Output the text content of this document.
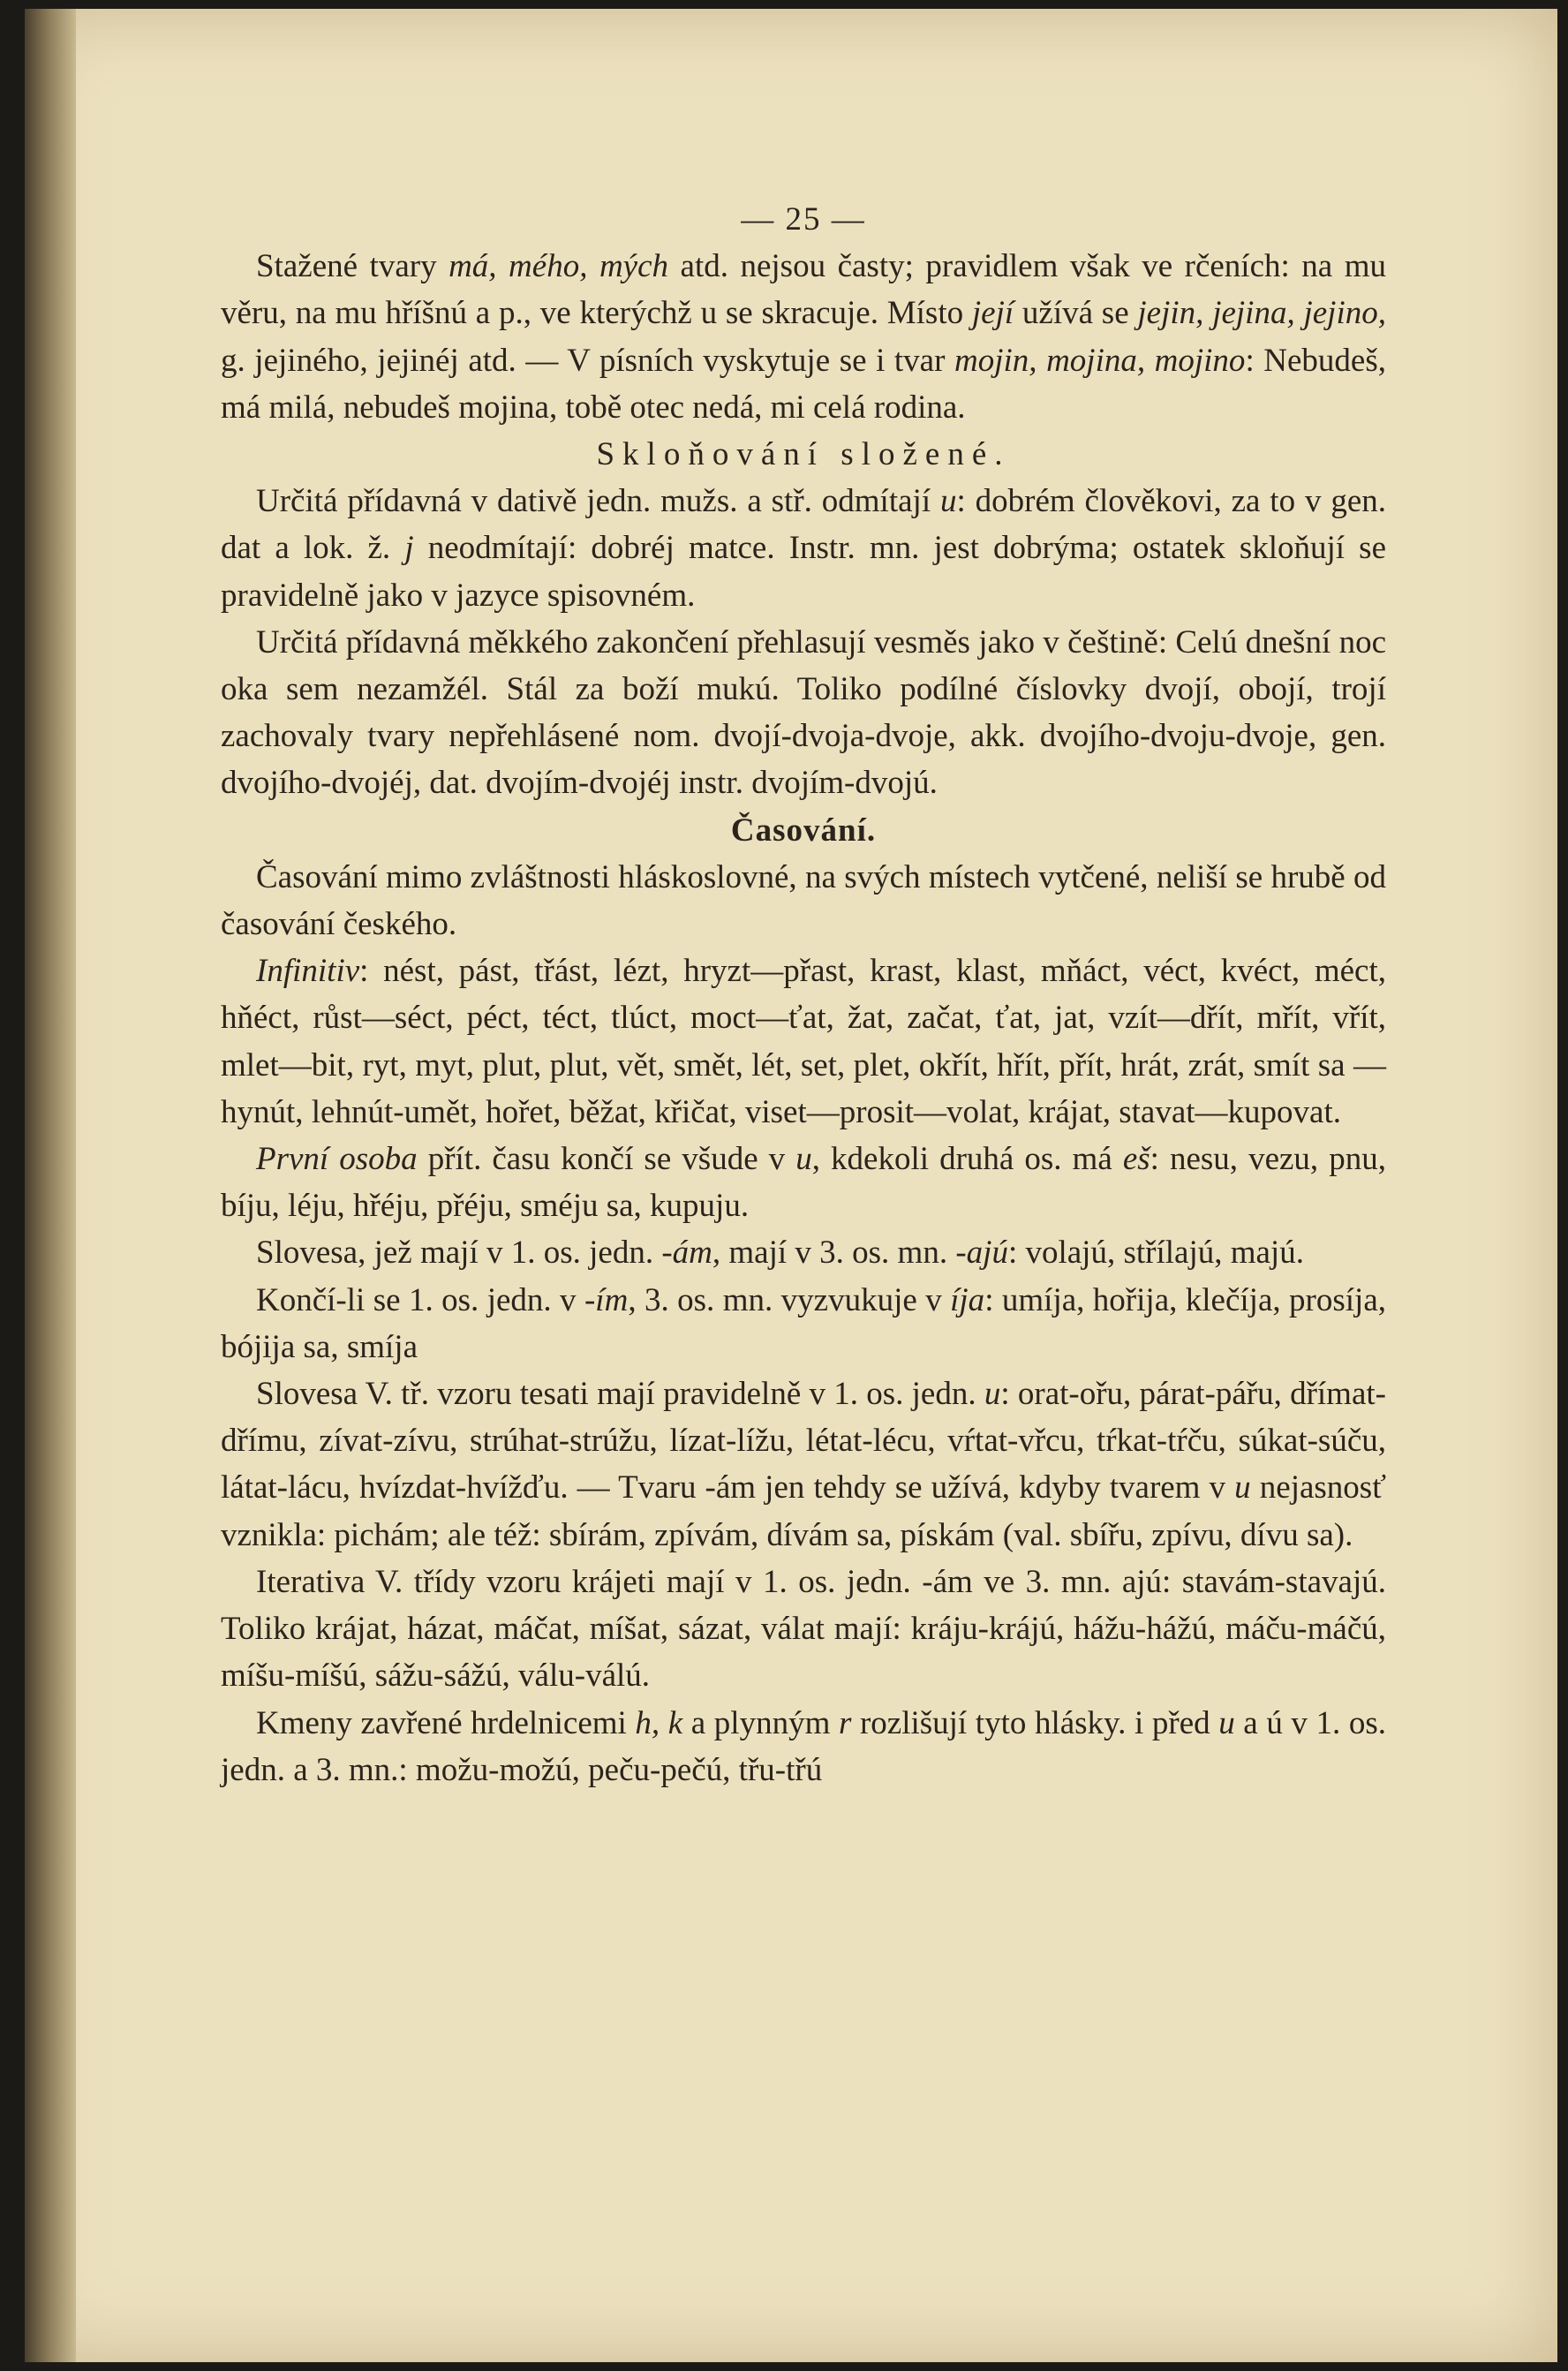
— 25 —

Stažené tvary má, mého, mých atd. nejsou časty; pravidlem však ve rčeních: na mu věru, na mu hříšnú a p., ve kterýchž u se skracuje. Místo její užívá se jejin, jejina, jejino, g. jejiného, jejinéj atd. — V písních vyskytuje se i tvar mojin, mojina, mojino: Nebudeš, má milá, nebudeš mojina, tobě otec nedá, mi celá rodina.

Skloňování složené.

Určitá přídavná v dativě jedn. mužs. a stř. odmítají u: dobrém člověkovi, za to v gen. dat a lok. ž. j neodmítají: dobréj matce. Instr. mn. jest dobrýma; ostatek skloňují se pravidelně jako v jazyce spisovném.

Určitá přídavná měkkého zakončení přehlasují vesměs jako v češtině: Celú dnešní noc oka sem nezamžél. Stál za boží mukú. Toliko podílné číslovky dvojí, obojí, trojí zachovaly tvary nepřehlásené nom. dvojí-dvoja-dvoje, akk. dvojího-dvoju-dvoje, gen. dvojího-dvojéj, dat. dvojím-dvojéj instr. dvojím-dvojú.

Časování.

Časování mimo zvláštnosti hláskoslovné, na svých místech vytčené, neliší se hrubě od časování českého.

Infinitiv: nést, pást, třást, lézt, hryzt—přast, krast, klast, mňáct, véct, kvéct, méct, hňéct, růst—séct, péct, téct, tlúct, moct—ťat, žat, začat, ťat, jat, vzít—dřít, mřít, vřít, mlet—bit, ryt, myt, plut, plut, vět, smět, lét, set, plet, okřít, hřít, přít, hrát, zrát, smít sa — hynút, lehnút-umět, hořet, běžat, křičat, viset—prosit—volat, krájat, stavat—kupovat.

První osoba přít. času končí se všude v u, kdekoli druhá os. má eš: nesu, vezu, pnu, bíju, léju, hřéju, přéju, sméju sa, kupuju.

Slovesa, jež mají v 1. os. jedn. -ám, mají v 3. os. mn. -ajú: volajú, střílajú, majú.

Končí-li se 1. os. jedn. v -ím, 3. os. mn. vyzvukuje v íja: umíja, hořija, klečíja, prosíja, bójija sa, smíja

Slovesa V. tř. vzoru tesati mají pravidelně v 1. os. jedn. u: orat-ořu, párat-pářu, dřímat-dřímu, zívat-zívu, strúhat-strúžu, lízat-lížu, létat-lécu, vŕtat-vřcu, tŕkat-tŕču, súkat-súču, látat-lácu, hvízdat-hvížďu. — Tvaru -ám jen tehdy se užívá, kdyby tvarem v u nejasnosť vznikla: pichám; ale též: sbírám, zpívám, dívám sa, pískám (val. sbířu, zpívu, dívu sa).

Iterativa V. třídy vzoru krájeti mají v 1. os. jedn. -ám ve 3. mn. ajú: stavám-stavajú. Toliko krájat, házat, máčat, míšat, sázat, válat mají: kráju-krájú, hážu-hážú, máču-máčú, míšu-míšú, sážu-sážú, válu-válú.

Kmeny zavřené hrdelnicemi h, k a plynným r rozlišují tyto hlásky. i před u a ú v 1. os. jedn. a 3. mn.: možu-možú, peču-pečú, třu-třú
